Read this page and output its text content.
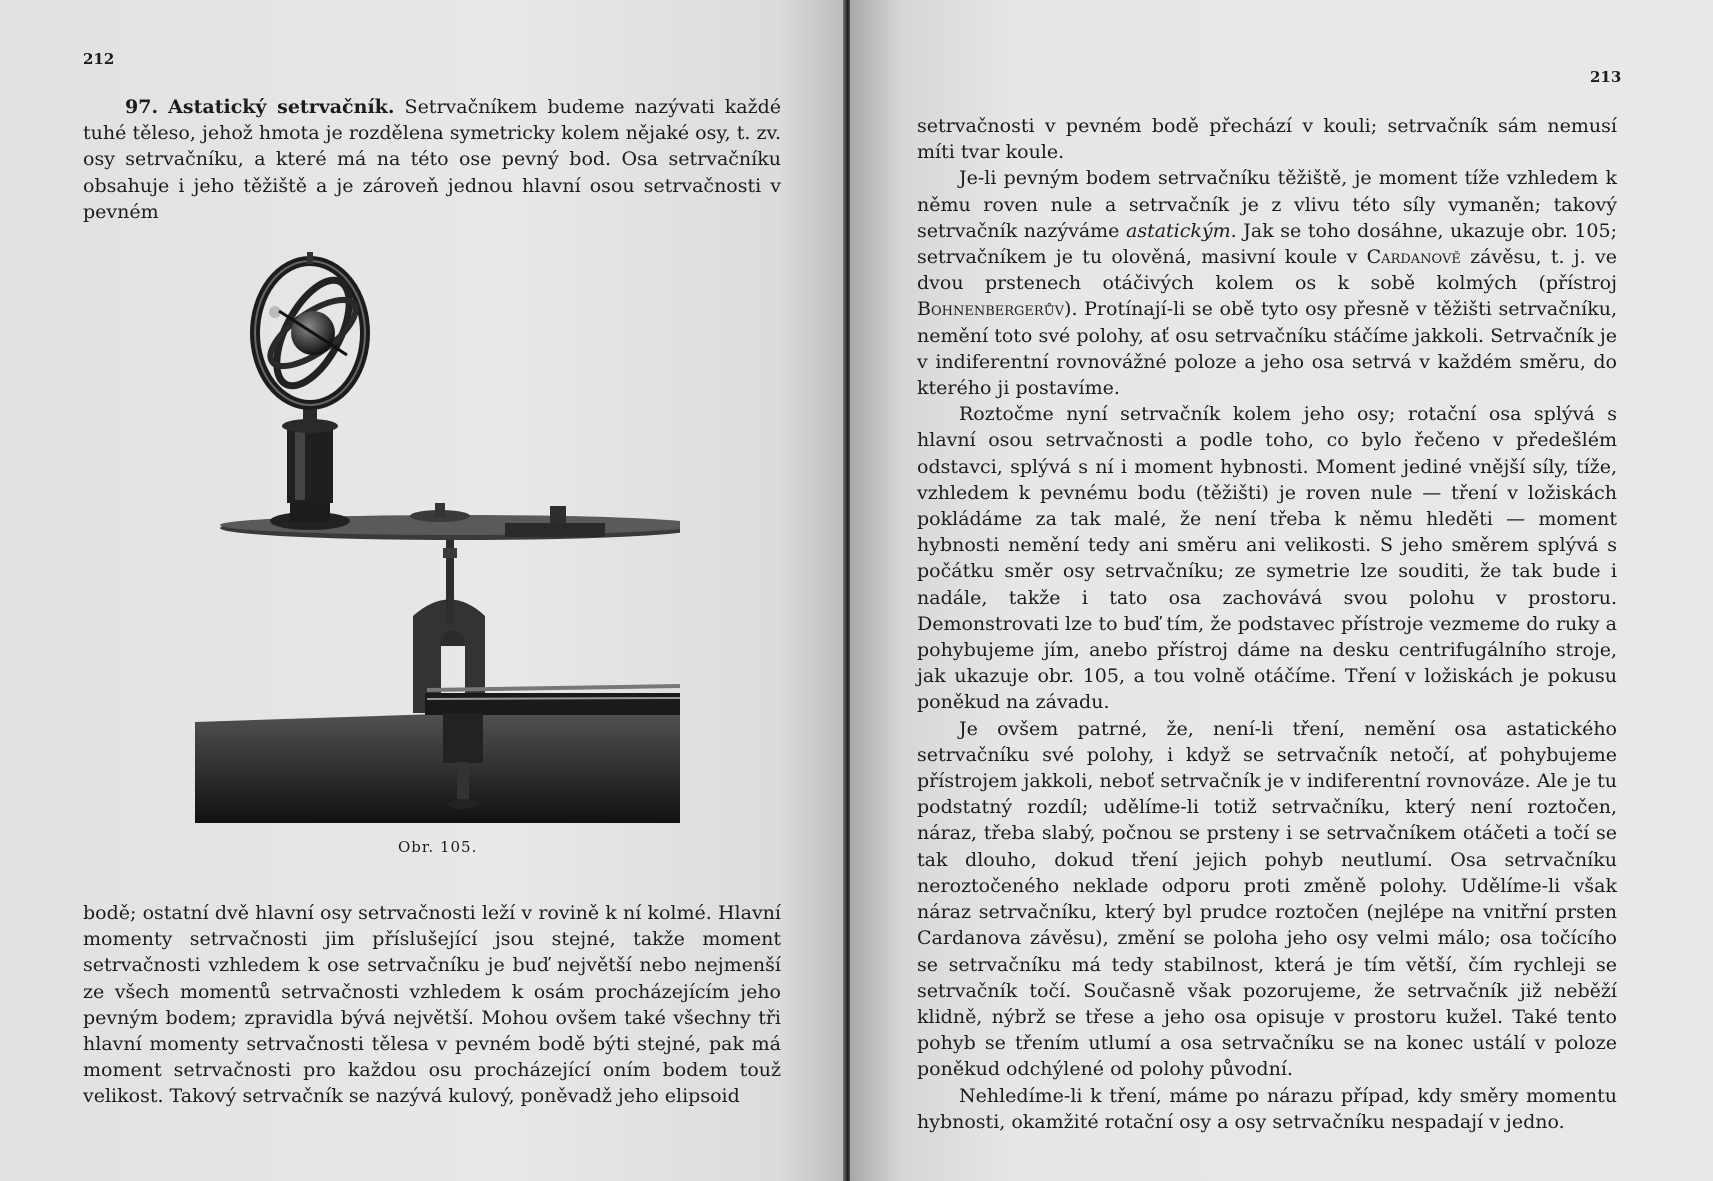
212

97. Astatický setrvačník. Setrvačníkem budeme nazývati každé tuhé těleso, jehož hmota je rozdělena symetricky kolem nějaké osy, t. zv. osy setrvačníku, a které má na této ose pevný bod. Osa setrvačníku obsahuje i jeho těžiště a je zároveň jednou hlavní osou setrvačnosti v pevném

Obr. 105.

bodě; ostatní dvě hlavní osy setrvačnosti leží v rovině k ní kolmé. Hlavní momenty setrvačnosti jim příslušející jsou stejné, takže moment setrvačnosti vzhledem k ose setrvačníku je buď největší nebo nejmenší ze všech momentů setrvačnosti vzhledem k osám procházejícím jeho pevným bodem; zpravidla bývá největší. Mohou ovšem také všechny tři hlavní momenty setrvačnosti tělesa v pevném bodě býti stejné, pak má moment setrvačnosti pro každou osu procházející oním bodem touž velikost. Takový setrvačník se nazývá kulový, poněvadž jeho elipsoid

213

setrvačnosti v pevném bodě přechází v kouli; setrvačník sám nemusí míti tvar koule.

Je-li pevným bodem setrvačníku těžiště, je moment tíže vzhledem k němu roven nule a setrvačník je z vlivu této síly vymaněn; takový setrvačník nazýváme astatickým. Jak se toho dosáhne, ukazuje obr. 105; setrvačníkem je tu olověná, masivní koule v Cardanově závěsu, t. j. ve dvou prstenech otáčivých kolem os k sobě kolmých (přístroj Bohnenbergerův). Protínají-li se obě tyto osy přesně v těžišti setrvačníku, nemění toto své polohy, ať osu setrvačníku stáčíme jakkoli. Setrvačník je v indiferentní rovnovážné poloze a jeho osa setrvá v každém směru, do kterého ji postavíme.

Roztočme nyní setrvačník kolem jeho osy; rotační osa splývá s hlavní osou setrvačnosti a podle toho, co bylo řečeno v předešlém odstavci, splývá s ní i moment hybnosti. Moment jediné vnější síly, tíže, vzhledem k pevnému bodu (těžišti) je roven nule — tření v ložiskách pokládáme za tak malé, že není třeba k němu hleděti — moment hybnosti nemění tedy ani směru ani velikosti. S jeho směrem splývá s počátku směr osy setrvačníku; ze symetrie lze souditi, že tak bude i nadále, takže i tato osa zachovává svou polohu v prostoru. Demonstrovati lze to buď tím, že podstavec přístroje vezmeme do ruky a pohybujeme jím, anebo přístroj dáme na desku centrifugálního stroje, jak ukazuje obr. 105, a tou volně otáčíme. Tření v ložiskách je pokusu poněkud na závadu.

Je ovšem patrné, že, není-li tření, nemění osa astatického setrvačníku své polohy, i když se setrvačník netočí, ať pohybujeme přístrojem jakkoli, neboť setrvačník je v indiferentní rovnováze. Ale je tu podstatný rozdíl; udělíme-li totiž setrvačníku, který není roztočen, náraz, třeba slabý, počnou se prsteny i se setrvačníkem otáčeti a točí se tak dlouho, dokud tření jejich pohyb neutlumí. Osa setrvačníku neroztočeného neklade odporu proti změně polohy. Udělíme-li však náraz setrvačníku, který byl prudce roztočen (nejlépe na vnitřní prsten Cardanova závěsu), změní se poloha jeho osy velmi málo; osa točícího se setrvačníku má tedy stabilnost, která je tím větší, čím rychleji se setrvačník točí. Současně však pozorujeme, že setrvačník již neběží klidně, nýbrž se třese a jeho osa opisuje v prostoru kužel. Také tento pohyb se třením utlumí a osa setrvačníku se na konec ustálí v poloze poněkud odchýlené od polohy původní.

Nehledíme-li k tření, máme po nárazu případ, kdy směry momentu hybnosti, okamžité rotační osy a osy setrvačníku nespadají v jedno.
